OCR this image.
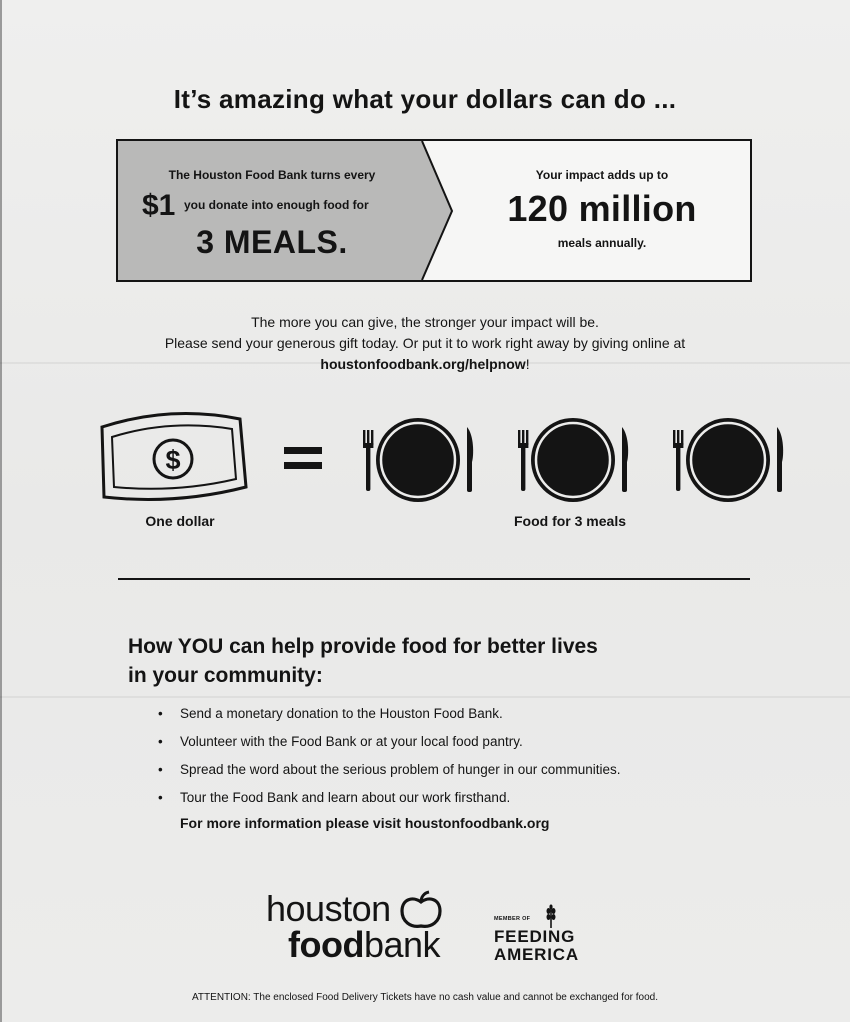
It’s amazing what your dollars can do ...
The Houston Food Bank turns every
$1 you donate into enough food for
3 MEALS.
Your impact adds up to
120 million
meals annually.
The more you can give, the stronger your impact will be.
Please send your generous gift today. Or put it to work right away by giving online at
houstonfoodbank.org/helpnow!
$
One dollar	Food for 3 meals
How YOU can help provide food for better lives
in your community:
• Send a monetary donation to the Houston Food Bank.
• Volunteer with the Food Bank or at your local food pantry.
• Spread the word about the serious problem of hunger in our communities.
• Tour the Food Bank and learn about our work firsthand.
For more information please visit houstonfoodbank.org
houston
foodbank
MEMBER OF
FEEDING
AMERICA
ATTENTION: The enclosed Food Delivery Tickets have no cash value and cannot be exchanged for food.
